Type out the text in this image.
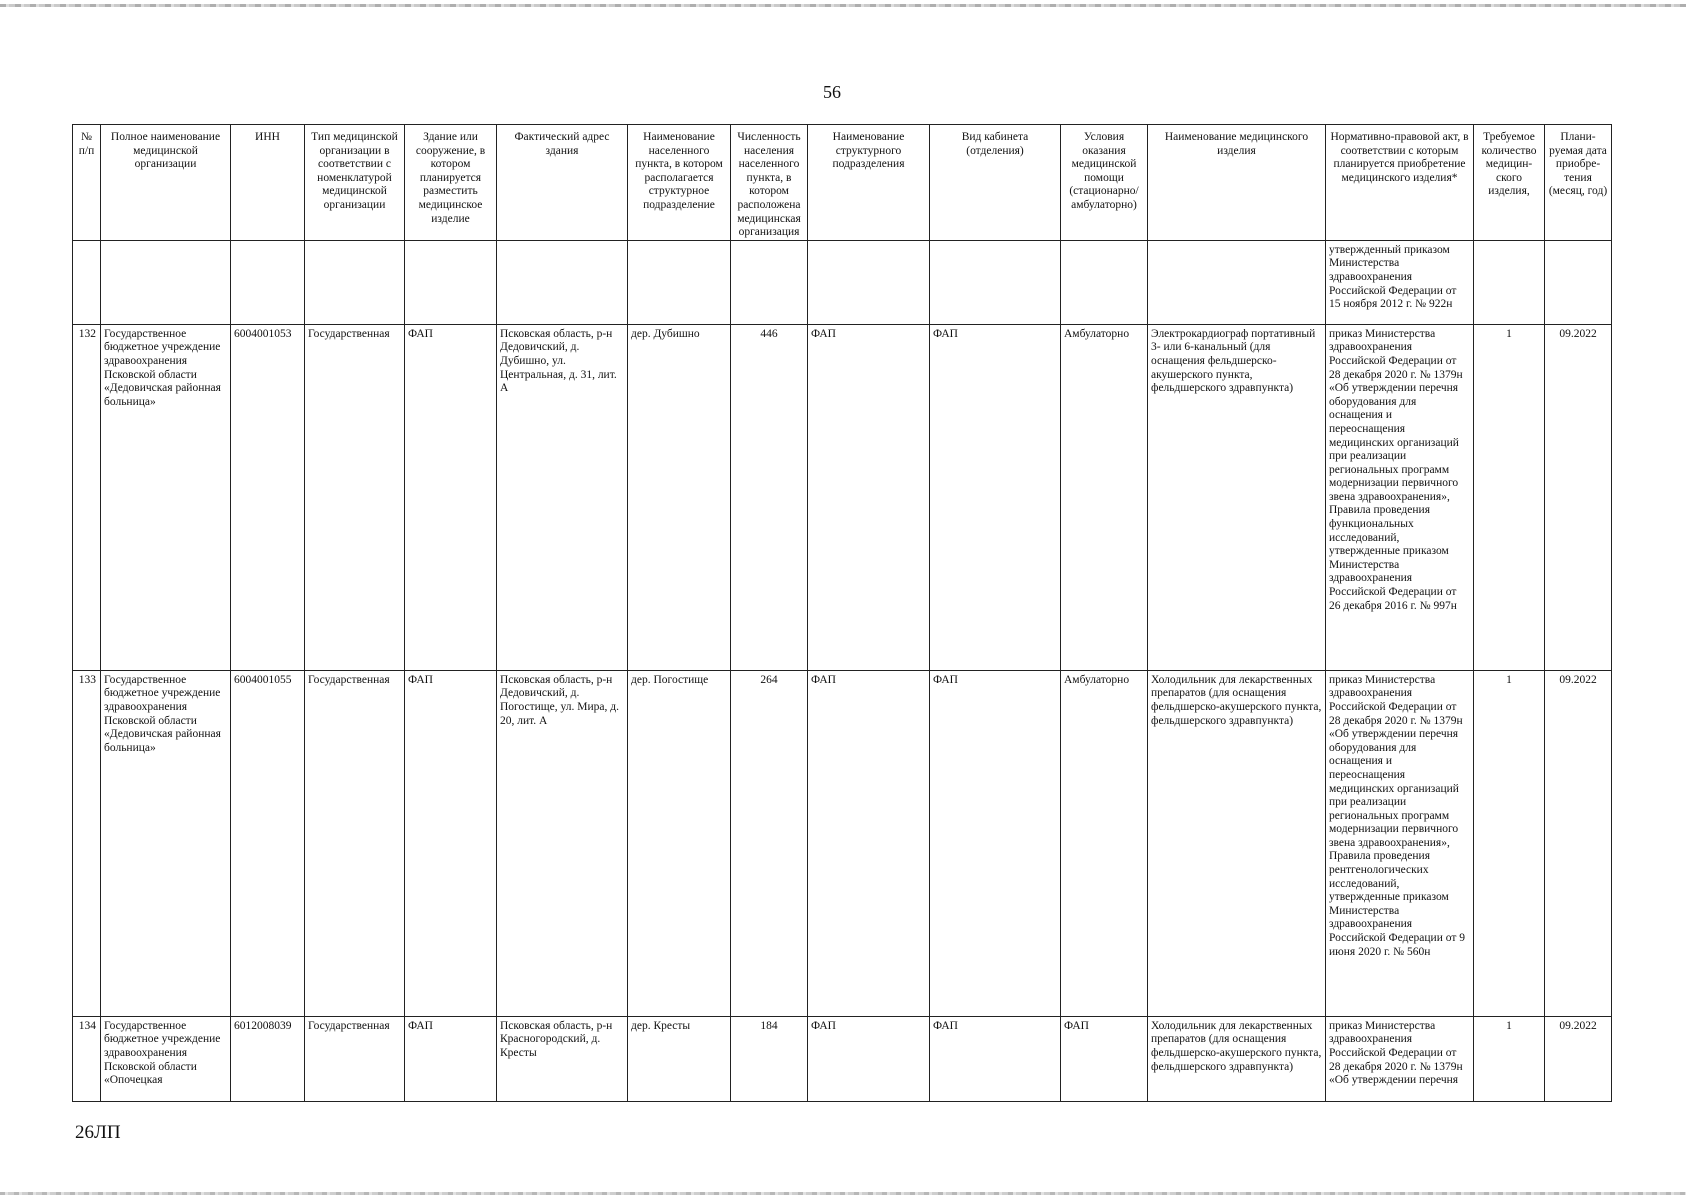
56
№ п/п	Полное наименование медицинской организации	ИНН	Тип медицинской организации в соответствии с номенклатурой медицинской организации	Здание или сооружение, в котором планируется разместить медицинское изделие	Фактический адрес здания	Наименование населенного пункта, в котором располагается структурное подразделение	Численность населения населенного пункта, в котором расположена медицинская организация	Наименование структурного подразделения	Вид кабинета (отделения)	Условия оказания медицинской помощи (стационарно/ амбулаторно)	Наименование медицинского изделия	Нормативно-правовой акт, в соответствии с которым планируется приобретение медицинского изделия*	Требуемое количество медицин-ского изделия,	Плани-руемая дата приобре-тения (месяц, год)
												утвержденный приказом Министерства здравоохранения Российской Федерации от 15 ноября 2012 г. № 922н		
132	Государственное бюджетное учреждение здравоохранения Псковской области «Дедовичская районная больница»	6004001053	Государственная	ФАП	Псковская область, р-н Дедовичский, д. Дубишно, ул. Центральная, д. 31, лит. А	дер. Дубишно	446	ФАП	ФАП	Амбулаторно	Электрокардиограф портативный 3- или 6-канальный (для оснащения фельдшерско-акушерского пункта, фельдшерского здравпункта)	приказ Министерства здравоохранения Российской Федерации от 28 декабря 2020 г. № 1379н «Об утверждении перечня оборудования для оснащения и переоснащения медицинских организаций при реализации региональных программ модернизации первичного звена здравоохранения», Правила проведения функциональных исследований, утвержденные приказом Министерства здравоохранения Российской Федерации от 26 декабря 2016 г. № 997н	1	09.2022
133	Государственное бюджетное учреждение здравоохранения Псковской области «Дедовичская районная больница»	6004001055	Государственная	ФАП	Псковская область, р-н Дедовичский, д. Погостище, ул. Мира, д. 20, лит. А	дер. Погостище	264	ФАП	ФАП	Амбулаторно	Холодильник для лекарственных препаратов (для оснащения фельдшерско-акушерского пункта, фельдшерского здравпункта)	приказ Министерства здравоохранения Российской Федерации от 28 декабря 2020 г. № 1379н «Об утверждении перечня оборудования для оснащения и переоснащения медицинских организаций при реализации региональных программ модернизации первичного звена здравоохранения», Правила проведения рентгенологических исследований, утвержденные приказом Министерства здравоохранения Российской Федерации от 9 июня 2020 г. № 560н	1	09.2022
134	Государственное бюджетное учреждение здравоохранения Псковской области «Опочецкая	6012008039	Государственная	ФАП	Псковская область, р-н Красногородский, д. Кресты	дер. Кресты	184	ФАП	ФАП	ФАП	Холодильник для лекарственных препаратов (для оснащения фельдшерско-акушерского пункта, фельдшерского здравпункта)	приказ Министерства здравоохранения Российской Федерации от 28 декабря 2020 г. № 1379н «Об утверждении перечня	1	09.2022
26ЛП
